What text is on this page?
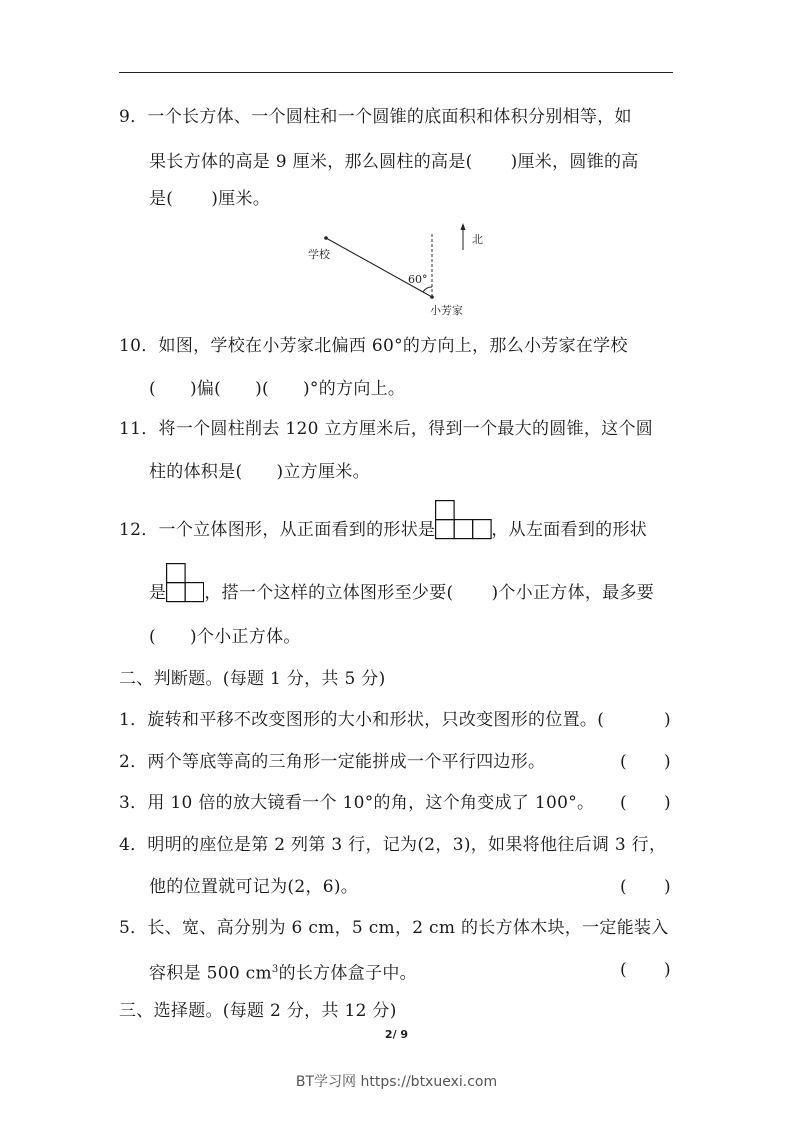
9．一个长方体、一个圆柱和一个圆锥的底面积和体积分别相等，如
果长方体的高是 9 厘米，那么圆柱的高是( )厘米，圆锥的高
是( )厘米。
学校
60°
北
小芳家
10．如图，学校在小芳家北偏西 60°的方向上，那么小芳家在学校
( )偏( )( )°的方向上。
11．将一个圆柱削去 120 立方厘米后，得到一个最大的圆锥，这个圆
柱的体积是( )立方厘米。
12．一个立体图形，从正面看到的形状是	，从左面看到的形状
是 ，搭一个这样的立体图形至少要( )个小正方体，最多要
( )个小正方体。
二、判断题。(每题 1 分，共 5 分)
1．旋转和平移不改变图形的大小和形状，只改变图形的位置。(	)
2．两个等底等高的三角形一定能拼成一个平行四边形。	( )
3．用 10 倍的放大镜看一个 10°的角，这个角变成了 100°。 ( )
4．明明的座位是第 2 列第 3 行，记为(2，3)，如果将他往后调 3 行，
他的位置就可记为(2，6)。	( )
5．长、宽、高分别为 6 cm，5 cm，2 cm 的长方体木块，一定能装入
容积是 500 $cm^3$的长方体盒子中。	( )
三、选择题。(每题 2 分，共 12 分)
2/ 9
BT学习网 https://btxuexi.com
